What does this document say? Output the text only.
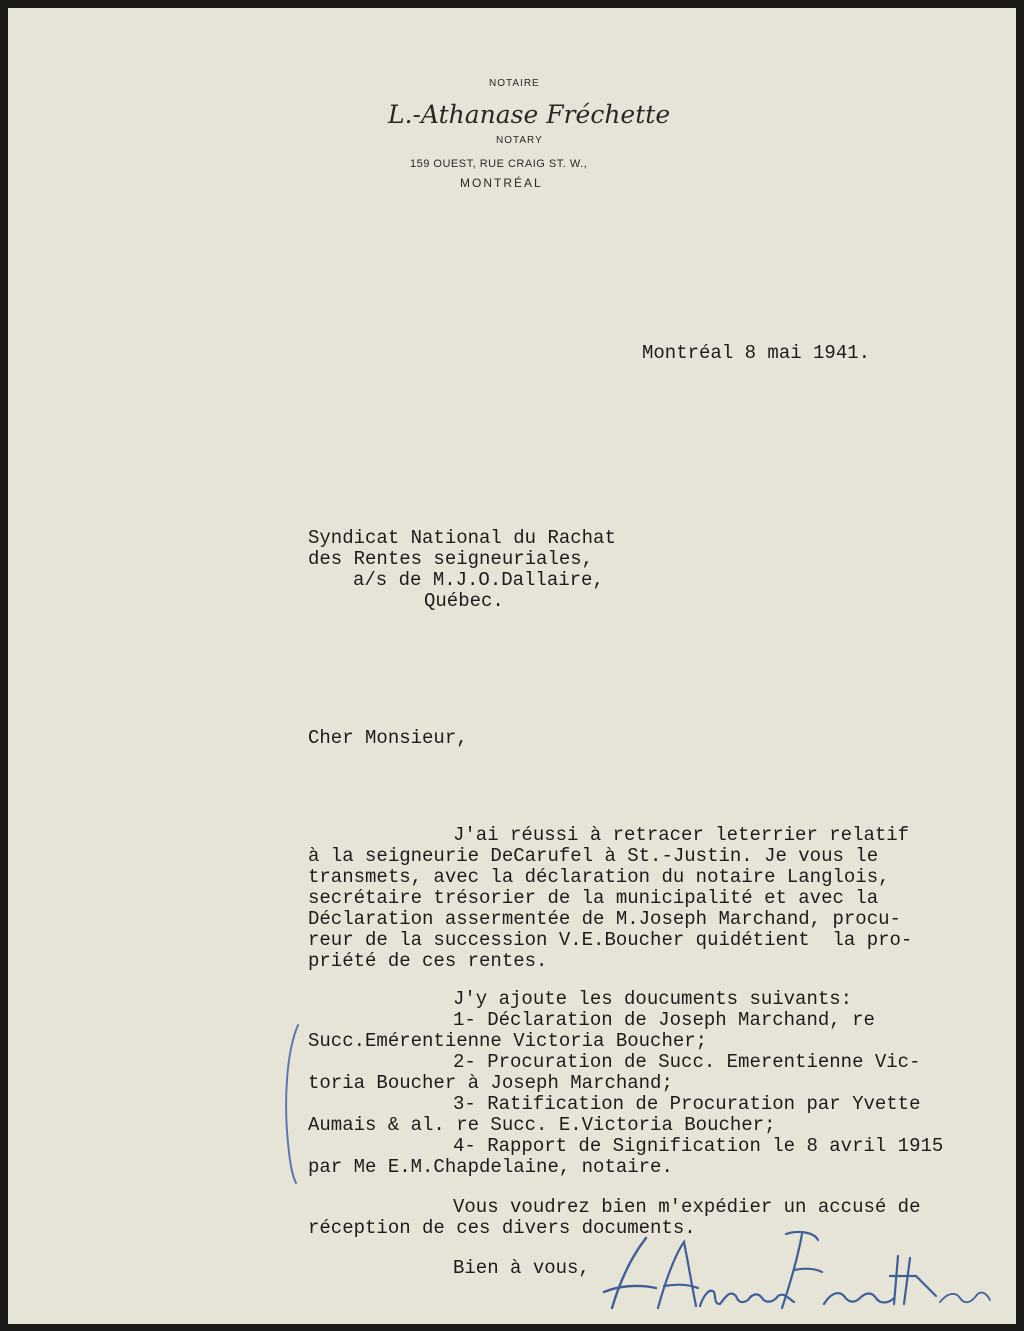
NOTAIRE
L.-Athanase Fréchette
NOTARY
159 OUEST, RUE CRAIG ST. W.,
MONTRÉAL
Montréal 8 mai 1941.
Syndicat National du Rachat
des Rentes seigneuriales,
a/s de M.J.O.Dallaire,
Québec.
Cher Monsieur,
J'ai réussi à retracer leterrier relatif
à la seigneurie DeCarufel à St.-Justin. Je vous le
transmets, avec la déclaration du notaire Langlois,
secrétaire trésorier de la municipalité et avec la
Déclaration assermentée de M.Joseph Marchand, procu-
reur de la succession V.E.Boucher quidétient  la pro-
priété de ces rentes.
J'y ajoute les doucuments suivants:
1- Déclaration de Joseph Marchand, re
Succ.Emérentienne Victoria Boucher;
2- Procuration de Succ. Emerentienne Vic-
toria Boucher à Joseph Marchand;
3- Ratification de Procuration par Yvette
Aumais & al. re Succ. E.Victoria Boucher;
4- Rapport de Signification le 8 avril 1915
par Me E.M.Chapdelaine, notaire.
Vous voudrez bien m'expédier un accusé de
réception de ces divers documents.
Bien à vous,
